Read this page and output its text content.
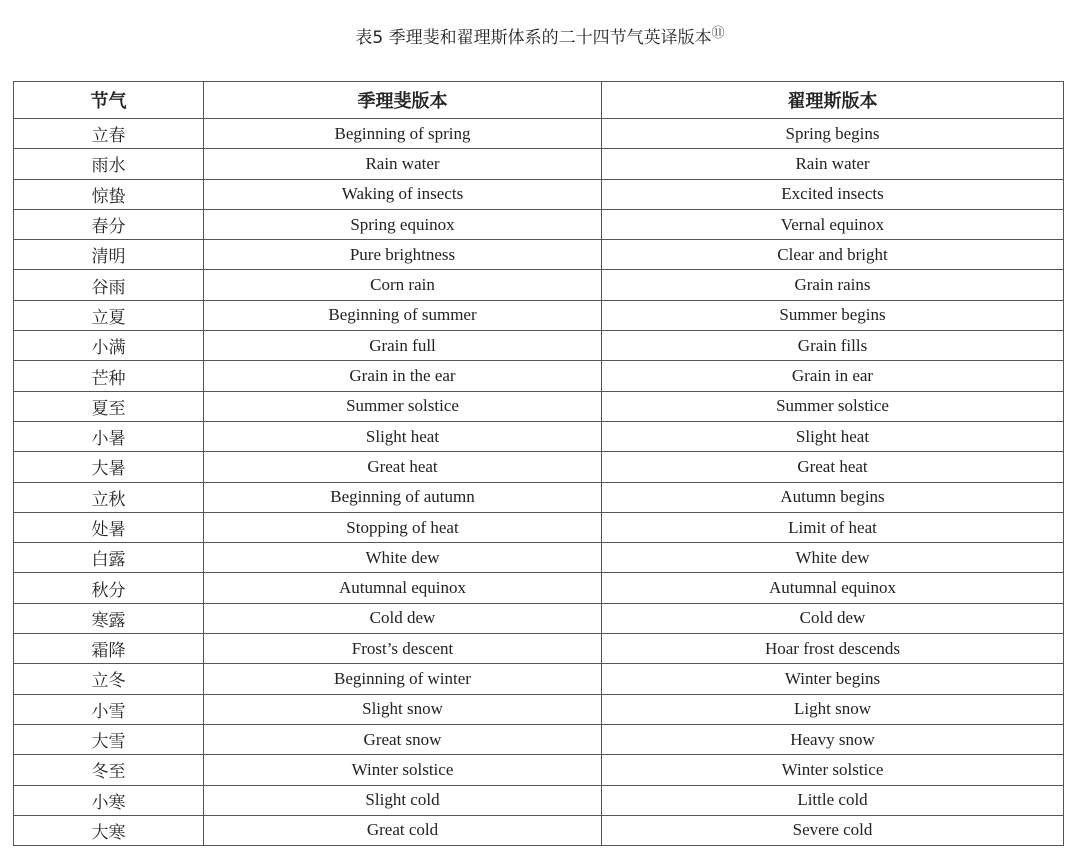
表5 季理斐和翟理斯体系的二十四节气英译版本⑪
节气	季理斐版本	翟理斯版本
立春	Beginning of spring	Spring begins
雨水	Rain water	Rain water
惊蛰	Waking of insects	Excited insects
春分	Spring equinox	Vernal equinox
清明	Pure brightness	Clear and bright
谷雨	Corn rain	Grain rains
立夏	Beginning of summer	Summer begins
小满	Grain full	Grain fills
芒种	Grain in the ear	Grain in ear
夏至	Summer solstice	Summer solstice
小暑	Slight heat	Slight heat
大暑	Great heat	Great heat
立秋	Beginning of autumn	Autumn begins
处暑	Stopping of heat	Limit of heat
白露	White dew	White dew
秋分	Autumnal equinox	Autumnal equinox
寒露	Cold dew	Cold dew
霜降	Frost’s descent	Hoar frost descends
立冬	Beginning of winter	Winter begins
小雪	Slight snow	Light snow
大雪	Great snow	Heavy snow
冬至	Winter solstice	Winter solstice
小寒	Slight cold	Little cold
大寒	Great cold	Severe cold
